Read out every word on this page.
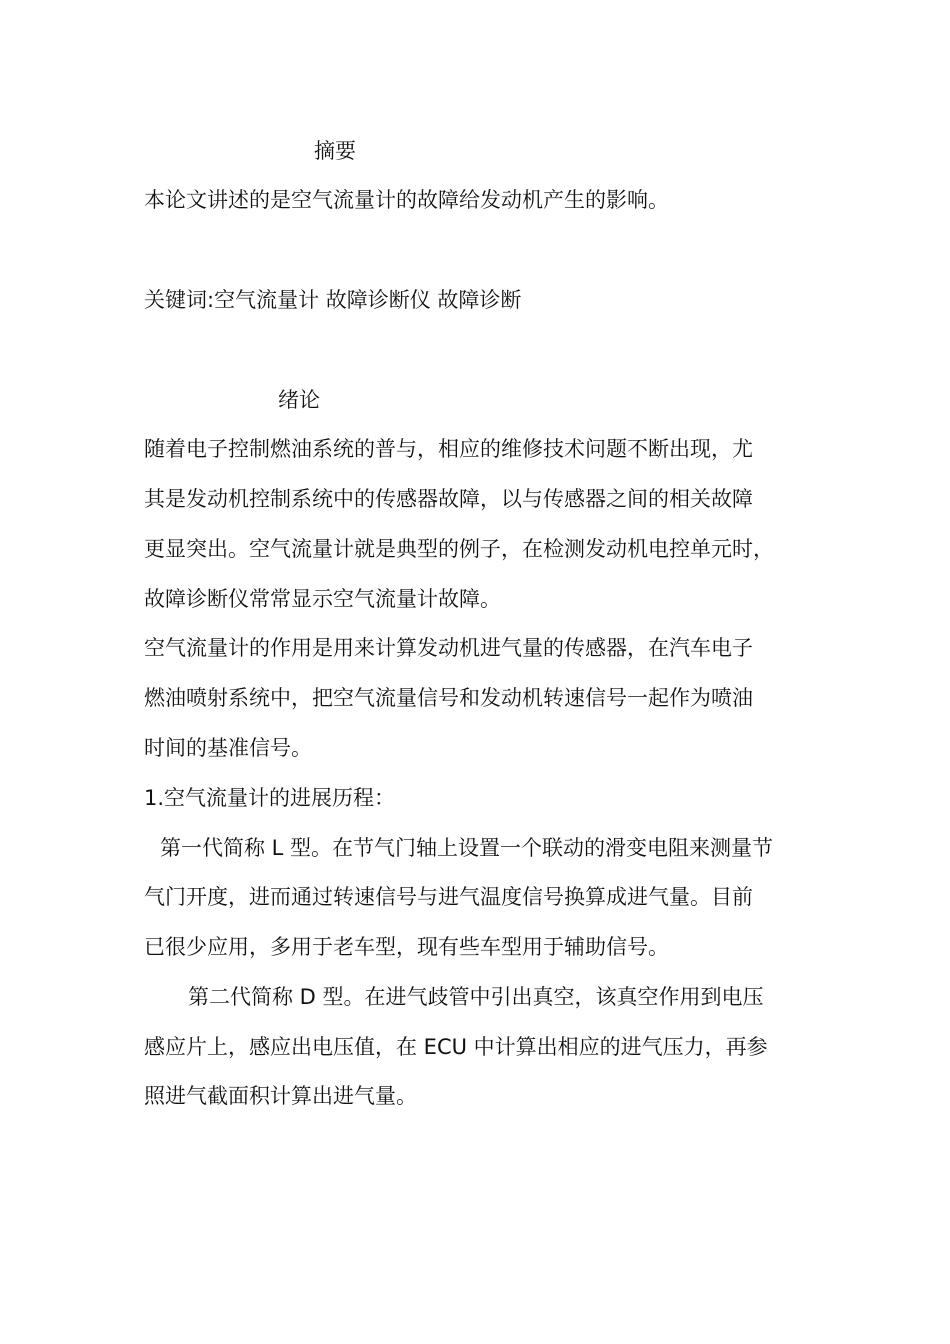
摘要
本论文讲述的是空气流量计的故障给发动机产生的影响。
关键词:空气流量计 故障诊断仪 故障诊断
绪论
随着电子控制燃油系统的普与，相应的维修技术问题不断出现，尤
其是发动机控制系统中的传感器故障，以与传感器之间的相关故障
更显突出。空气流量计就是典型的例子，在检测发动机电控单元时，
故障诊断仪常常显示空气流量计故障。
空气流量计的作用是用来计算发动机进气量的传感器，在汽车电子
燃油喷射系统中，把空气流量信号和发动机转速信号一起作为喷油
时间的基准信号。
1.空气流量计的进展历程：
第一代简称 L 型。在节气门轴上设置一个联动的滑变电阻来测量节
气门开度，进而通过转速信号与进气温度信号换算成进气量。目前
已很少应用，多用于老车型，现有些车型用于辅助信号。
第二代简称 D 型。在进气歧管中引出真空，该真空作用到电压
感应片上，感应出电压值，在 ECU 中计算出相应的进气压力，再参
照进气截面积计算出进气量。
